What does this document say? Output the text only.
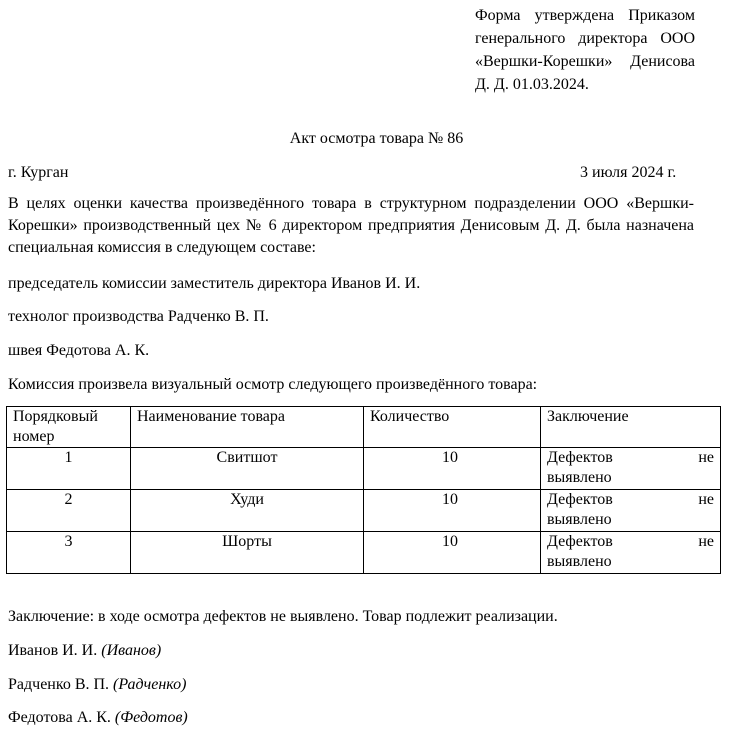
Форма утверждена Приказом генерального директора ООО «Вершки-Корешки» Денисова Д. Д. 01.03.2024.
Акт осмотра товара № 86
г. Курган	3 июля 2024 г.
В целях оценки качества произведённого товара в структурном подразделении ООО «Вершки-Корешки» производственный цех № 6 директором предприятия Денисовым Д. Д. была назначена специальная комиссия в следующем составе:
председатель комиссии заместитель директора Иванов И. И.
технолог производства Радченко В. П.
швея Федотова А. К.
Комиссия произвела визуальный осмотр следующего произведённого товара:
Порядковый номер	Наименование товара	Количество	Заключение
1	Свитшот	10	Дефектов не
выявлено

2	Худи	10	Дефектов не
выявлено

3	Шорты	10	Дефектов не
выявлено
Заключение: в ходе осмотра дефектов не выявлено. Товар подлежит реализации.
Иванов И. И. (Иванов)
Радченко В. П. (Радченко)
Федотова А. К. (Федотов)
